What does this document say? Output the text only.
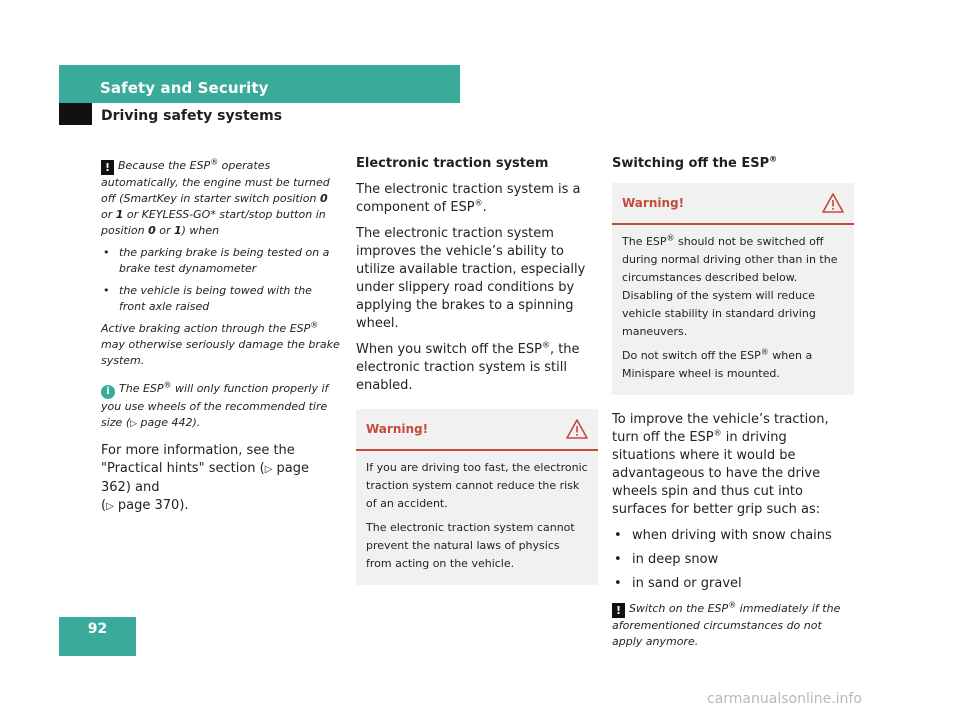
Safety and Security
Driving safety systems

! Because the ESP® operates automatically, the engine must be turned off (SmartKey in starter switch position 0 or 1 or KEYLESS-GO* start/stop button in position 0 or 1) when

• the parking brake is being tested on a brake test dynamometer
• the vehicle is being towed with the front axle raised

Active braking action through the ESP® may otherwise seriously damage the brake system.

i The ESP® will only function properly if you use wheels of the recommended tire size (▷ page 442).

For more information, see the "Practical hints" section (▷ page 362) and
(▷ page 370).

Electronic traction system

The electronic traction system is a component of ESP®.

The electronic traction system improves the vehicle’s ability to utilize available traction, especially under slippery road conditions by applying the brakes to a spinning wheel.

When you switch off the ESP®, the electronic traction system is still enabled.

Warning!

If you are driving too fast, the electronic traction system cannot reduce the risk of an accident.

The electronic traction system cannot prevent the natural laws of physics from acting on the vehicle.

Switching off the ESP®
Warning!

The ESP® should not be switched off during normal driving other than in the circumstances described below. Disabling of the system will reduce vehicle stability in standard driving maneuvers.

Do not switch off the ESP® when a Minispare wheel is mounted.

To improve the vehicle’s traction, turn off the ESP® in driving situations where it would be advantageous to have the drive wheels spin and thus cut into surfaces for better grip such as:

• when driving with snow chains
• in deep snow
• in sand or gravel

! Switch on the ESP® immediately if the aforementioned circumstances do not apply anymore.

92
carmanualsonline.info
